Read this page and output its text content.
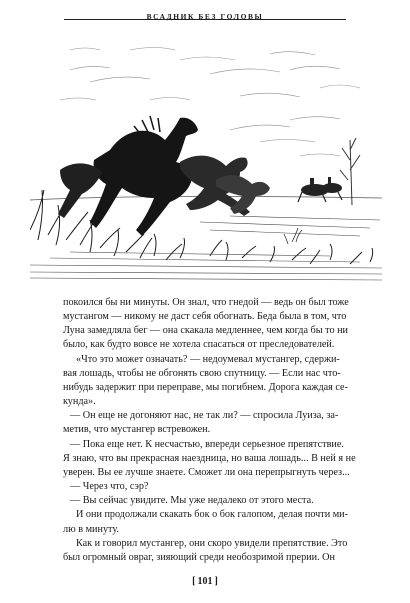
ВСАДНИК БЕЗ ГОЛОВЫ

покоился бы ни минуты. Он знал, что гнедой — ведь он был тоже

мустангом — никому не даст себя обогнать. Беда была в том, что

Луна замедляла бег — она скакала медленнее, чем когда бы то ни

было, как будто вовсе не хотела спасаться от преследователей.

«Что это может означать? — недоумевал мустангер, сдержи-

вая лошадь, чтобы не обгонять свою спутницу. — Если нас что-

нибудь задержит при переправе, мы погибнем. Дорога каждая се-

кунда».

— Он еще не догоняют нас, не так ли? — спросила Луиза, за-

метив, что мустангер встревожен.

— Пока еще нет. К несчастью, впереди серьезное препятствие.

Я знаю, что вы прекрасная наездница, но ваша лошадь... В ней я не

уверен. Вы ее лучше знаете. Сможет ли она перепрыгнуть через...

— Через что, сэр?

— Вы сейчас увидите. Мы уже недалеко от этого места.

И они продолжали скакать бок о бок галопом, делая почти ми-

лю в минуту.

Как и говорил мустангер, они скоро увидели препятствие. Это

был огромный овраг, зияющий среди необозримой прерии. Он

[ 101 ]
